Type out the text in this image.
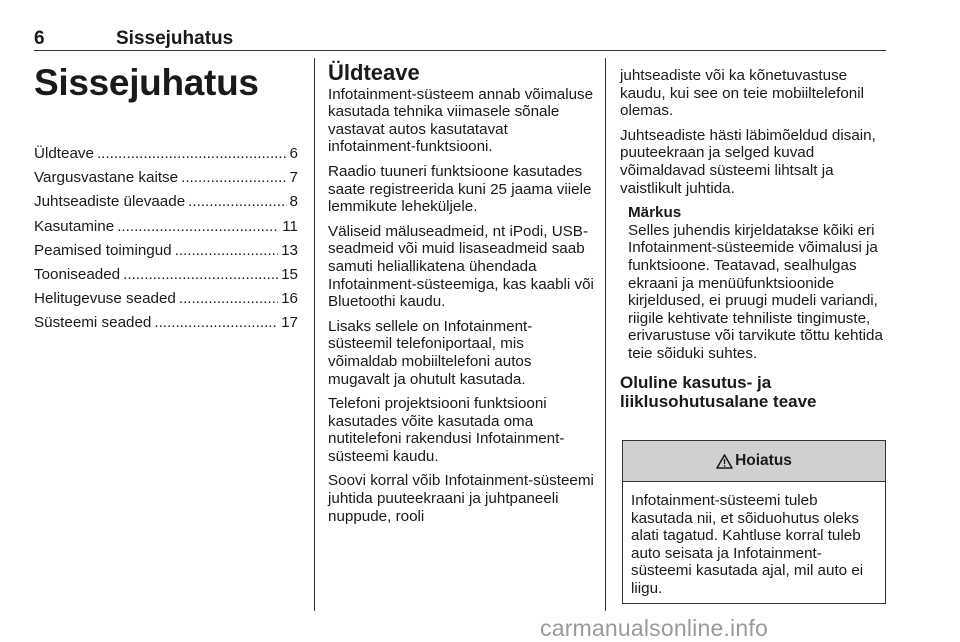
6	Sissejuhatus
Sissejuhatus
Üldteave .....	6
Vargusvastane kaitse .....	7
Juhtseadiste ülevaade .....	8
Kasutamine .....	11
Peamised toimingud .....	13
Tooniseaded .....	15
Helitugevuse seaded .....	16
Süsteemi seaded .....	17
Üldteave

Infotainment-süsteem annab võimaluse kasutada tehnika viimasele sõnale vastavat autos kasutatavat infotainment-funktsiooni.

Raadio tuuneri funktsioone kasutades saate registreerida kuni 25 jaama viiele lemmikute leheküljele.

Väliseid mäluseadmeid, nt iPodi, USB-seadmeid või muid lisaseadmeid saab samuti heliallikatena ühendada Infotainment-süsteemiga, kas kaabli või Bluetoothi kaudu.

Lisaks sellele on Infotainment-süsteemil telefoniportaal, mis võimaldab mobiiltelefoni autos mugavalt ja ohutult kasutada.

Telefoni projektsiooni funktsiooni kasutades võite kasutada oma nutitelefoni rakendusi Infotainment-süsteemi kaudu.

Soovi korral võib Infotainment-süsteemi juhtida puuteekraani ja juhtpaneeli nuppude, rooli

juhtseadiste või ka kõnetuvastuse kaudu, kui see on teie mobiiltelefonil olemas.

Juhtseadiste hästi läbimõeldud disain, puuteekraan ja selged kuvad võimaldavad süsteemi lihtsalt ja vaistlikult juhtida.

Märkus
Selles juhendis kirjeldatakse kõiki eri Infotainment-süsteemide võimalusi ja funktsioone. Teatavad, sealhulgas ekraani ja menüüfunktsioonide kirjeldused, ei pruugi mudeli variandi, riigile kehtivate tehniliste tingimuste, erivarustuse või tarvikute tõttu kehtida teie sõiduki suhtes.
Oluline kasutus- ja liiklusohutusalane teave
Hoiatus
Infotainment-süsteemi tuleb kasutada nii, et sõiduohutus oleks alati tagatud. Kahtluse korral tuleb auto seisata ja Infotainment-süsteemi kasutada ajal, mil auto ei liigu.
carmanualsonline.info
